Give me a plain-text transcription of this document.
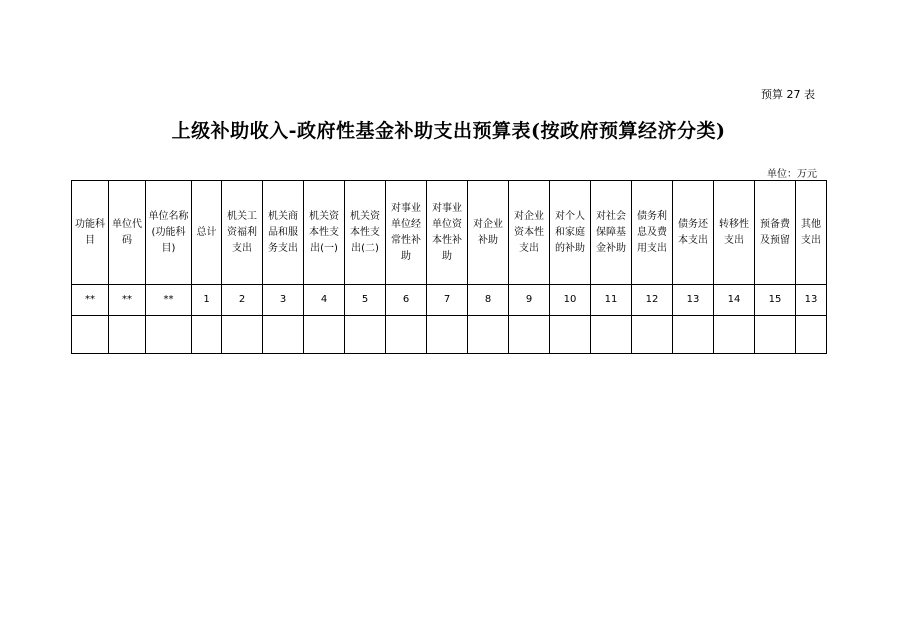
预算 27 表
上级补助收入-政府性基金补助支出预算表(按政府预算经济分类)
单位：万元
功能科目	单位代码	单位名称(功能科目)	总计	机关工资福利支出	机关商品和服务支出	机关资本性支出(一)	机关资本性支出(二)	对事业单位经常性补助	对事业单位资本性补助	对企业补助	对企业资本性支出	对个人和家庭的补助	对社会保障基金补助	债务利息及费用支出	债务还本支出	转移性支出	预备费及预留	其他支出
**	**	**	1	2	3	4	5	6	7	8	9	10	11	12	13	14	15	13
